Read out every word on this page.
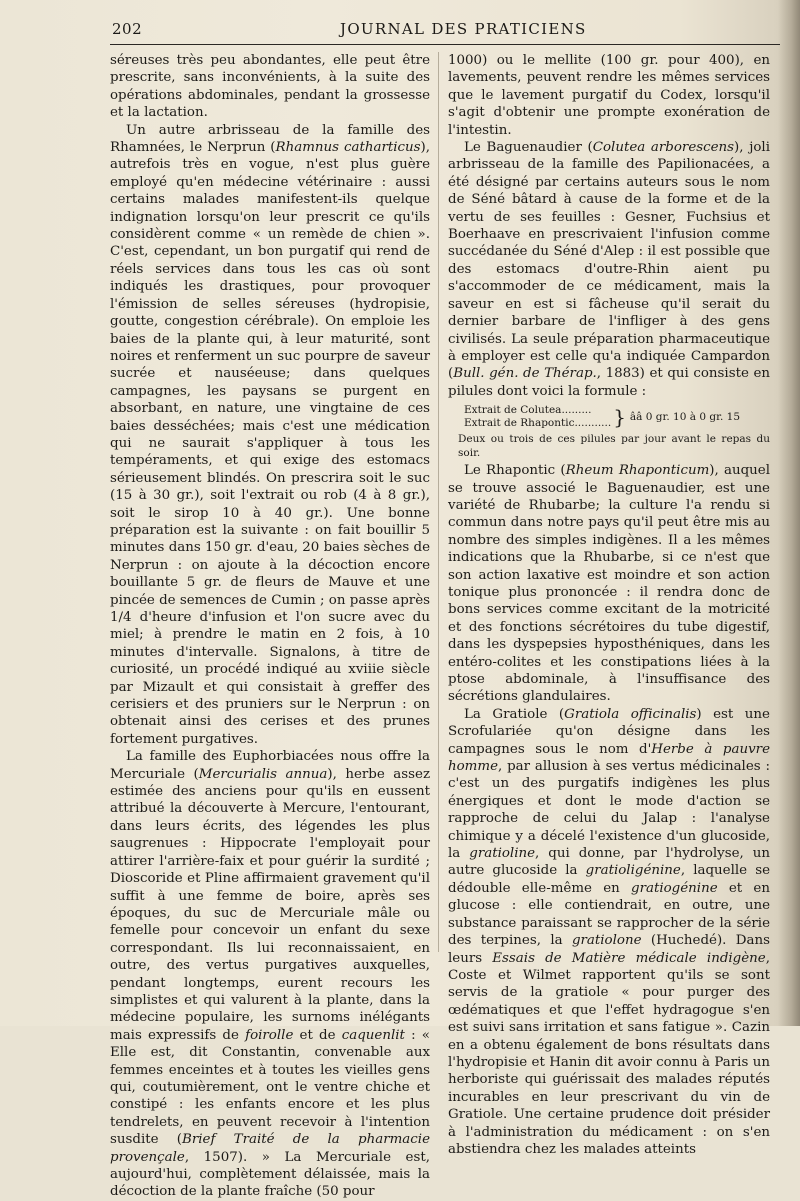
202	JOURNAL DES PRATICIENS

séreuses très peu abondantes, elle peut être prescrite, sans inconvénients, à la suite des opérations abdominales, pendant la grossesse et la lactation.

Un autre arbrisseau de la famille des Rhamnées, le Nerprun (Rhamnus catharticus), autrefois très en vogue, n'est plus guère employé qu'en médecine vétérinaire : aussi certains malades manifestent-ils quelque indignation lorsqu'on leur prescrit ce qu'ils considèrent comme « un remède de chien ». C'est, cependant, un bon purgatif qui rend de réels services dans tous les cas où sont indiqués les drastiques, pour provoquer l'émission de selles séreuses (hydropisie, goutte, congestion cérébrale). On emploie les baies de la plante qui, à leur maturité, sont noires et renferment un suc pourpre de saveur sucrée et nauséeuse; dans quelques campagnes, les paysans se purgent en absorbant, en nature, une vingtaine de ces baies desséchées; mais c'est une médication qui ne saurait s'appliquer à tous les tempéraments, et qui exige des estomacs sérieusement blindés. On prescrira soit le suc (15 à 30 gr.), soit l'extrait ou rob (4 à 8 gr.), soit le sirop 10 à 40 gr.). Une bonne préparation est la suivante : on fait bouillir 5 minutes dans 150 gr. d'eau, 20 baies sèches de Nerprun : on ajoute à la décoction encore bouillante 5 gr. de fleurs de Mauve et une pincée de semences de Cumin ; on passe après 1/4 d'heure d'infusion et l'on sucre avec du miel; à prendre le matin en 2 fois, à 10 minutes d'intervalle. Signalons, à titre de curiosité, un procédé indiqué au xviiie siècle par Mizault et qui consistait à greffer des cerisiers et des pruniers sur le Nerprun : on obtenait ainsi des cerises et des prunes fortement purgatives.

La famille des Euphorbiacées nous offre la Mercuriale (Mercurialis annua), herbe assez estimée des anciens pour qu'ils en eussent attribué la découverte à Mercure, l'entourant, dans leurs écrits, des légendes les plus saugrenues : Hippocrate l'employait pour attirer l'arrière-faix et pour guérir la surdité ; Dioscoride et Pline affirmaient gravement qu'il suffit à une femme de boire, après ses époques, du suc de Mercuriale mâle ou femelle pour concevoir un enfant du sexe correspondant. Ils lui reconnaissaient, en outre, des vertus purgatives auxquelles, pendant longtemps, eurent recours les simplistes et qui valurent à la plante, dans la médecine populaire, les surnoms inélégants mais expressifs de foirolle et de caquenlit : « Elle est, dit Constantin, convenable aux femmes enceintes et à toutes les vieilles gens qui, coutumièrement, ont le ventre chiche et constipé : les enfants encore et les plus tendrelets, en peuvent recevoir à l'intention susdite (Brief Traité de la pharmacie provençale, 1507). » La Mercuriale est, aujourd'hui, complètement délaissée, mais la décoction de la plante fraîche (50 pour

1000) ou le mellite (100 gr. pour 400), en lavements, peuvent rendre les mêmes services que le lavement purgatif du Codex, lorsqu'il s'agit d'obtenir une prompte exonération de l'intestin.

Le Baguenaudier (Colutea arborescens), joli arbrisseau de la famille des Papilionacées, a été désigné par certains auteurs sous le nom de Séné bâtard à cause de la forme et de la vertu de ses feuilles : Gesner, Fuchsius et Boerhaave en prescrivaient l'infusion comme succédanée du Séné d'Alep : il est possible que des estomacs d'outre-Rhin aient pu s'accommoder de ce médicament, mais la saveur en est si fâcheuse qu'il serait du dernier barbare de l'infliger à des gens civilisés. La seule préparation pharmaceutique à employer est celle qu'a indiquée Campardon (Bull. gén. de Thérap., 1883) et qui consiste en pilules dont voici la formule :

Extrait de Colutea.........
Extrait de Rhapontic........... } ââ 0 gr. 10 à 0 gr. 15

Deux ou trois de ces pilules par jour avant le repas du soir.

Le Rhapontic (Rheum Rhaponticum), auquel se trouve associé le Baguenaudier, est une variété de Rhubarbe; la culture l'a rendu si commun dans notre pays qu'il peut être mis au nombre des simples indigènes. Il a les mêmes indications que la Rhubarbe, si ce n'est que son action laxative est moindre et son action tonique plus prononcée : il rendra donc de bons services comme excitant de la motricité et des fonctions sécrétoires du tube digestif, dans les dyspepsies hyposthéniques, dans les entéro-colites et les constipations liées à la ptose abdominale, à l'insuffisance des sécrétions glandulaires.

La Gratiole (Gratiola officinalis) est une Scrofulariée qu'on désigne dans les campagnes sous le nom d'Herbe à pauvre homme, par allusion à ses vertus médicinales : c'est un des purgatifs indigènes les plus énergiques et dont le mode d'action se rapproche de celui du Jalap : l'analyse chimique y a décelé l'existence d'un glucoside, la gratioline, qui donne, par l'hydrolyse, un autre glucoside la gratioligénine, laquelle se dédouble elle-même en gratiogénine et en glucose : elle contiendrait, en outre, une substance paraissant se rapprocher de la série des terpines, la gratiolone (Huchedé). Dans leurs Essais de Matière médicale indigène, Coste et Wilmet rapportent qu'ils se sont servis de la gratiole « pour purger des œdématiques et que l'effet hydragogue s'en est suivi sans irritation et sans fatigue ». Cazin en a obtenu également de bons résultats dans l'hydropisie et Hanin dit avoir connu à Paris un herboriste qui guérissait des malades réputés incurables en leur prescrivant du vin de Gratiole. Une certaine prudence doit présider à l'administration du médicament : on s'en abstiendra chez les malades atteints
